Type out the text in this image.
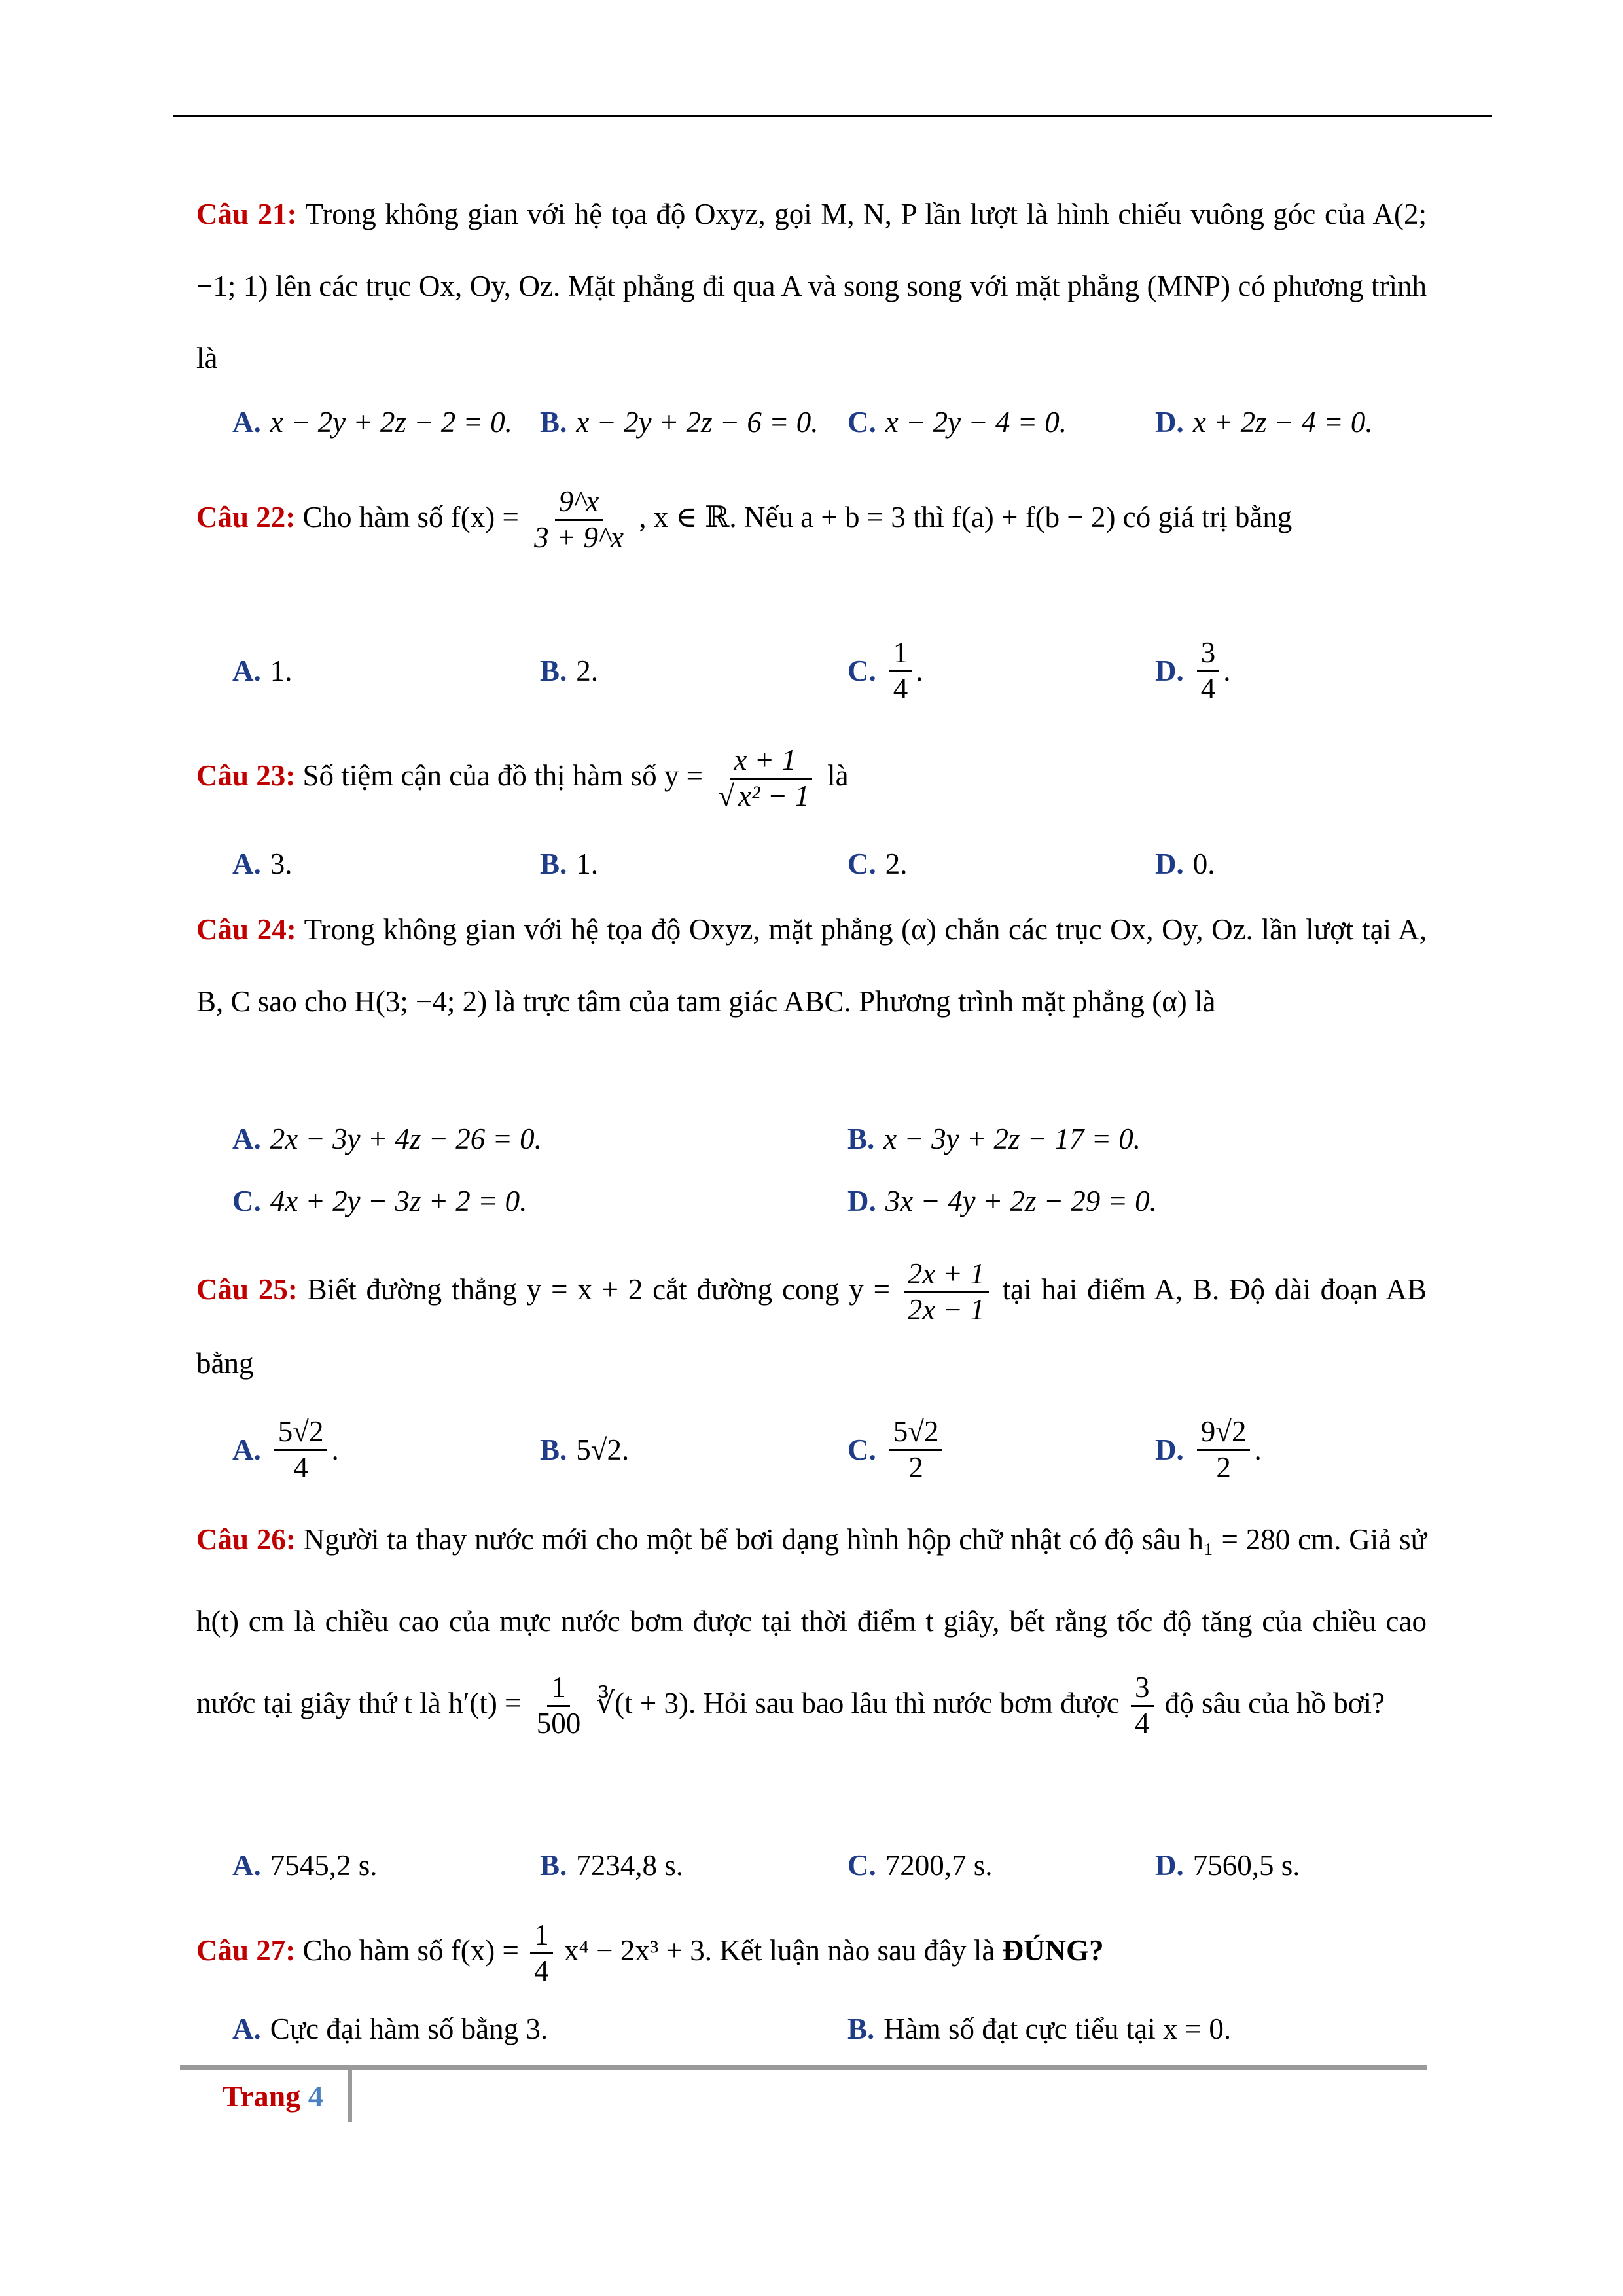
Câu 21: Trong không gian với hệ tọa độ Oxyz, gọi M, N, P lần lượt là hình chiếu vuông góc của A(2; −1; 1) lên các trục Ox, Oy, Oz. Mặt phẳng đi qua A và song song với mặt phẳng (MNP) có phương trình là
A. x − 2y + 2z − 2 = 0. B. x − 2y + 2z − 6 = 0. C. x − 2y − 4 = 0.	D. x + 2z − 4 = 0.
Câu 22: Cho hàm số $f(x) = \frac{9\^{}x}{3 + 9\^{}x}$ , x ∈ ℝ. Nếu a + b = 3 thì f(a) + f(b − 2) có giá trị bằng
A. 1.	B. 2.	C. $\frac{1}{4}$ .	D. $\frac{3}{4}$ .
Câu 23: Số tiệm cận của đồ thị hàm số $y = \frac{x + 1}{\text{√ x² − 1}}$ là
A. 3.	B. 1.	C. 2.	D. 0.
Câu 24: Trong không gian với hệ tọa độ Oxyz, mặt phẳng (α) chắn các trục Ox, Oy, Oz. lần lượt tại A, B, C sao cho H(3; −4; 2) là trực tâm của tam giác ABC. Phương trình mặt phẳng (α) là
A. 2x − 3y + 4z − 26 = 0.	B. x − 3y + 2z − 17 = 0.
C. 4x + 2y − 3z + 2 = 0.	D. 3x − 4y + 2z − 29 = 0.
Câu 25: Biết đường thẳng y = x + 2 cắt đường cong $y = \frac{2x + 1}{2x - 1}$ tại hai điểm A, B. Độ dài đoạn AB bằng
A. $\frac{5√2}{4}$ .	B. 5√2.	C. $\frac{5√2}{2}$	D. $\frac{9√2}{2}$ .
Câu 26: Người ta thay nước mới cho một bể bơi dạng hình hộp chữ nhật có độ sâu h₁ = 280 cm. Giả sử h(t) cm là chiều cao của mực nước bơm được tại thời điểm t giây, bết rằng tốc độ tăng của chiều cao nước tại giây thứ t là $h'(t) = \frac{1}{500}$ ∛(t + 3). Hỏi sau bao lâu thì nước bơm được $\frac{3}{4}$ độ sâu của hồ bơi?
A. 7545,2 s.	B. 7234,8 s.	C. 7200,7 s.	D. 7560,5 s.
Câu 27: Cho hàm số $f(x) = \frac{1}{4} x^4 - 2x^3 + 3$. Kết luận nào sau đây là ĐÚNG?
A. Cực đại hàm số bằng 3.	B. Hàm số đạt cực tiểu tại x = 0.
Trang 4
